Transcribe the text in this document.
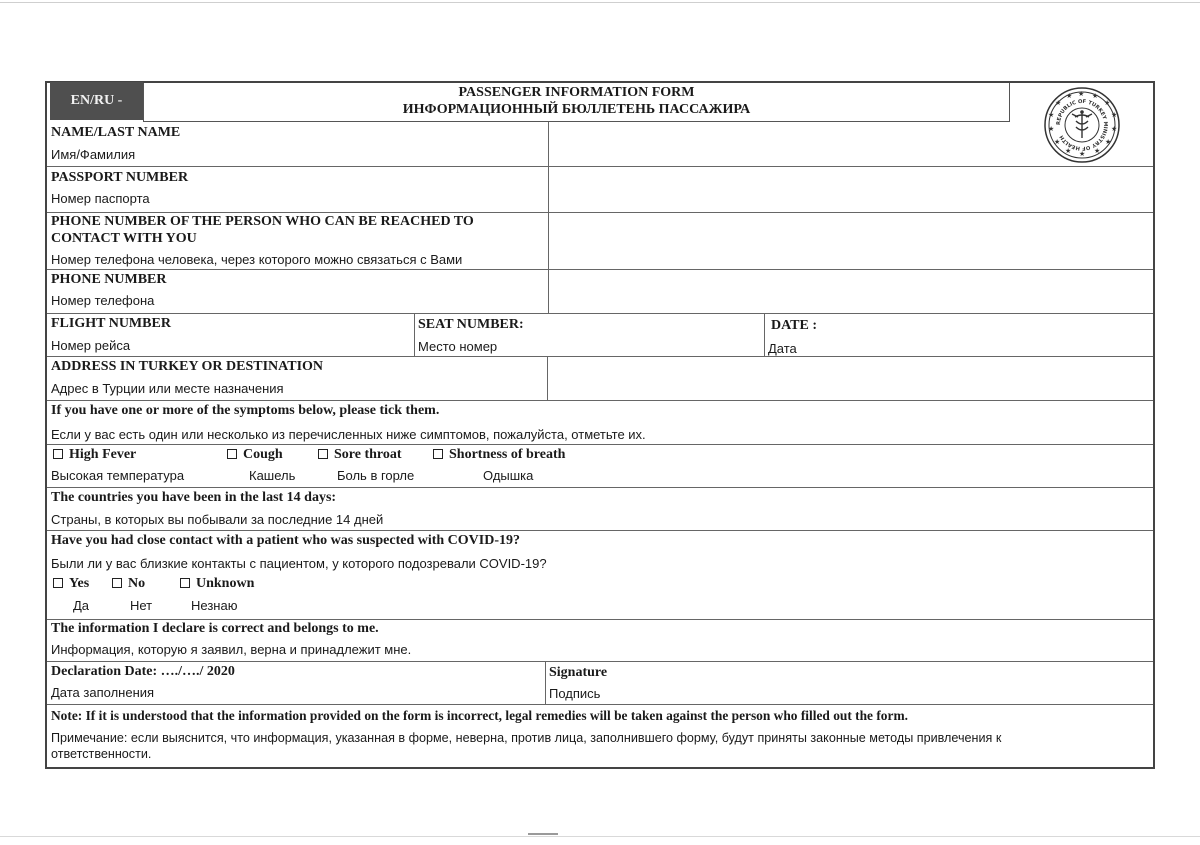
EN/RU -
PASSENGER INFORMATION FORM
ИНФОРМАЦИОННЫЙ БЮЛЛЕТЕНЬ ПАССАЖИРА
★ ★
★
★
★
★
★
★
★
★
★
★
★
★
REPUBLIC OF TURKEY MINISTRY OF HEALTH
NAME/LAST NAME
Имя/Фамилия
PASSPORT NUMBER
Номер паспорта
PHONE NUMBER OF THE PERSON WHO CAN BE REACHED TO
CONTACT WITH YOU
Номер телефона человека, через которого можно связаться с Вами
PHONE NUMBER
Номер телефона
FLIGHT NUMBER
Номер рейса
SEAT NUMBER:
Место номер
DATE :
Дата
ADDRESS IN TURKEY OR DESTINATION
Адрес в Турции или месте назначения
If you have one or more of the symptoms below, please tick them.
Если у вас есть один или несколько из перечисленных ниже симптомов, пожалуйста, отметьте их.
High Fever
Высокая температура
Cough
Кашель
Sore throat
Боль в горле
Shortness of breath
Одышка
The countries you have been in the last 14 days:
Страны, в которых вы побывали за последние 14 дней
Have you had close contact with a patient who was suspected with COVID-19?
Были ли у вас близкие контакты с пациентом, у которого подозревали COVID-19?
Yes
Да
No
Нет
Unknown
Незнаю
The information I declare is correct and belongs to me.
Информация, которую я заявил, верна и принадлежит мне.
Declaration Date: …./…./ 2020
Дата заполнения
Signature
Подпись
Note: If it is understood that the information provided on the form is incorrect, legal remedies will be taken against the person who filled out the form.
Примечание: если выяснится, что информация, указанная в форме, неверна, против лица, заполнившего форму, будут приняты законные методы привлечения к
ответственности.
